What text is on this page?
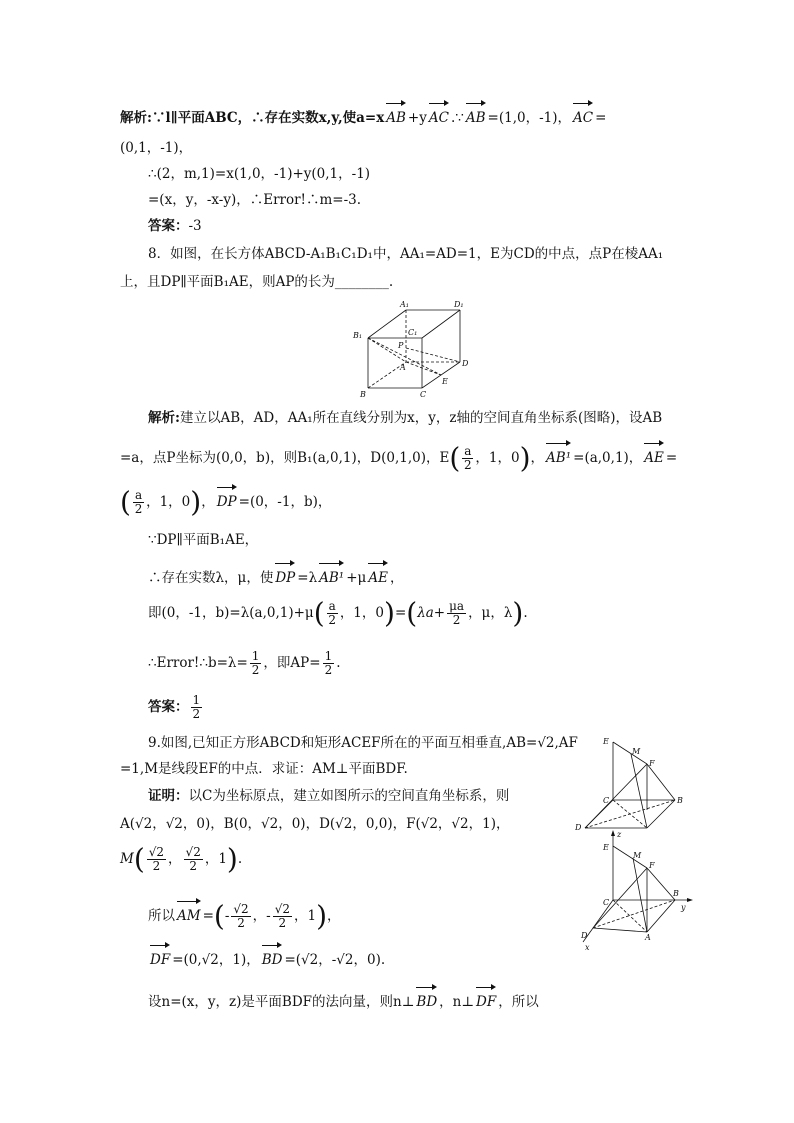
解析:∵l∥平面ABC，∴存在实数x,y,使a=x AB +y AC .∵ AB =(1,0，-1)， AC =
(0,1，-1)，
∴(2，m,1)=x(1,0，-1)+y(0,1，-1)
=(x，y，-x-y)，∴Error!∴m=-3.
答案：-3
8．如图，在长方体ABCD-A₁B₁C₁D₁中，AA₁=AD=1，E为CD的中点，点P在棱AA₁
上，且DP∥平面B₁AE，则AP的长为________.
A₁	D₁
B₁	C₁
P
A	D
E
B	C
解析:建立以AB，AD，AA₁所在直线分别为x，y，z轴的空间直角坐标系(图略)，设AB
=a，点P坐标为(0,0，b)，则B₁(a,0,1)，D(0,1,0)，$E( \frac{a}{2}$ ，1，0)， AB¹ =(a,0,1)， AE =
( $\frac{a}{2}$ ，1，0)， DP =(0，-1，b)，
∵DP∥平面B₁AE，
∴存在实数λ，μ，使 DP =λ AB¹ +μ AE ，
即(0，-1，$b)=\lambda(a,0,1)+\mu( \frac{a}{2}$ ，1，$0)=(\lambda a+ \frac{\mu a}{2}$ ，μ，λ).
∴Error!∴b=λ= $\frac{1}{2}$ ，即$AP= \frac{1}{2}$ .
答案： $\frac{1}{2}$
9.如图,已知正方形ABCD和矩形ACEF所在的平面互相垂直,AB=√2,AF
=1,M是线段EF的中点．求证：AM⊥平面BDF.
证明：以C为坐标原点，建立如图所示的空间直角坐标系，则
A(√2，√2，0)，B(0，√2，0)，D(√2，0,0)，F(√2，√2，1)，
$M( \frac{√2}{2}$ ， $\frac{√2}{2}$ ，1).
所以 AM =(- $\frac{√2}{2}$ ，- $\frac{√2}{2}$ ，1)，
DF =(0,√2，1)， BD =(√2，-√2，0).
设n=(x，y，z)是平面BDF的法向量，则n⊥ BD ，n⊥ DF ，所以
E
M
F
C	B
D
z
E
M
F
C
B
y
D	A
x
